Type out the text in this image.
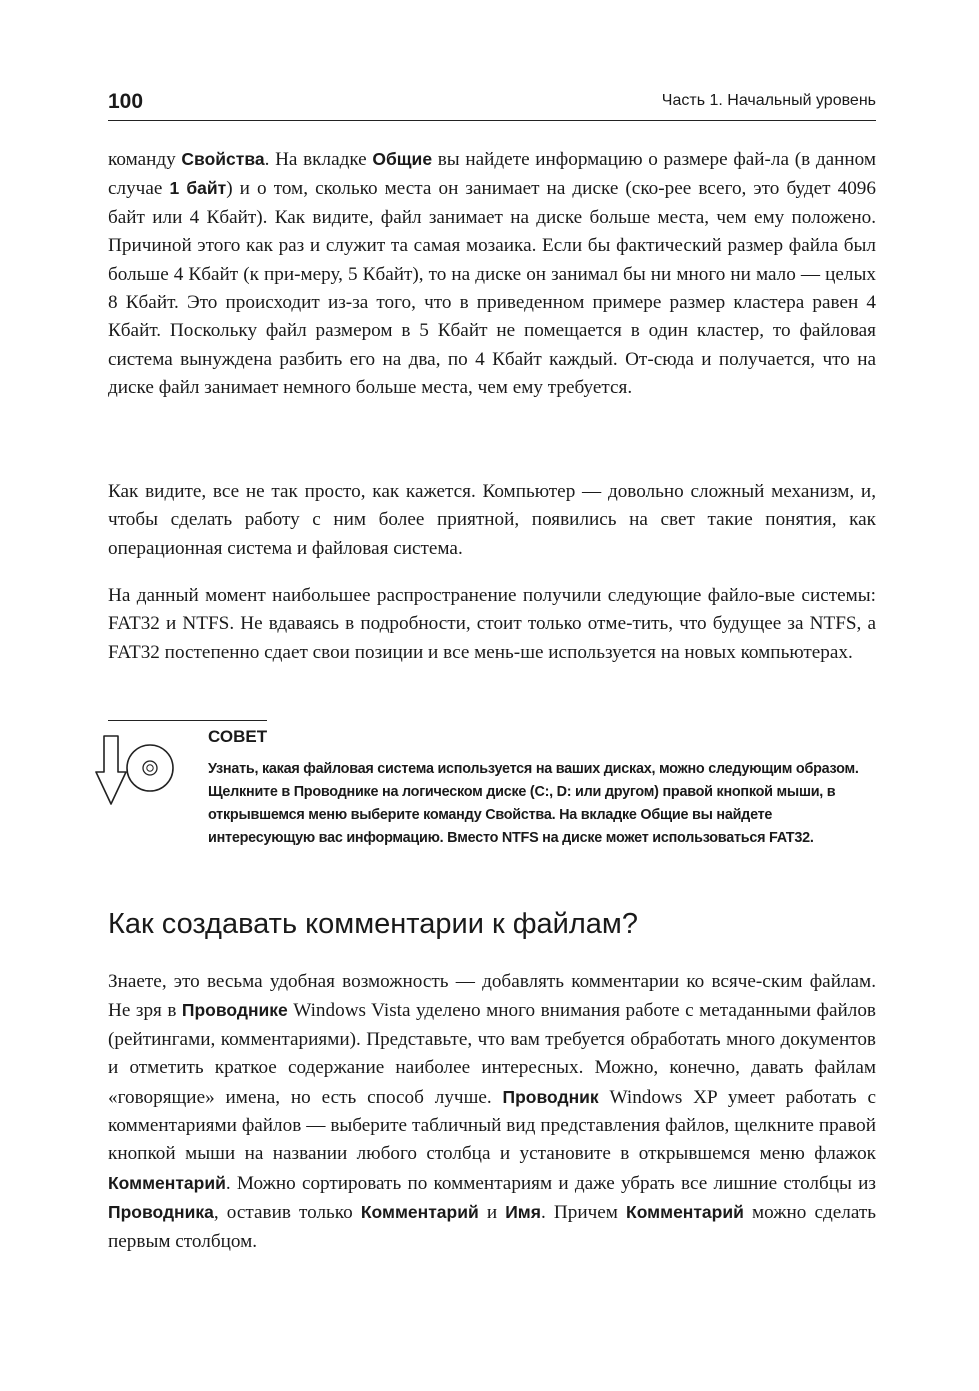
100	Часть 1. Начальный уровень

команду Свойства. На вкладке Общие вы найдете информацию о размере фай-ла (в данном случае 1 байт) и о том, сколько места он занимает на диске (ско-рее всего, это будет 4096 байт или 4 Кбайт). Как видите, файл занимает на диске больше места, чем ему положено. Причиной этого как раз и служит та самая мозаика. Если бы фактический размер файла был больше 4 Кбайт (к при-меру, 5 Кбайт), то на диске он занимал бы ни много ни мало — целых 8 Кбайт. Это происходит из-за того, что в приведенном примере размер кластера равен 4 Кбайт. Поскольку файл размером в 5 Кбайт не помещается в один кластер, то файловая система вынуждена разбить его на два, по 4 Кбайт каждый. От-сюда и получается, что на диске файл занимает немного больше места, чем ему требуется.

Как видите, все не так просто, как кажется. Компьютер — довольно сложный механизм, и, чтобы сделать работу с ним более приятной, появились на свет такие понятия, как операционная система и файловая система.

На данный момент наибольшее распространение получили следующие файло-вые системы: FAT32 и NTFS. Не вдаваясь в подробности, стоит только отме-тить, что будущее за NTFS, а FAT32 постепенно сдает свои позиции и все мень-ше используется на новых компьютерах.

СОВЕТ

Узнать, какая файловая система используется на ваших дисках, можно следующим образом. Щелкните в Проводнике на логическом диске (C:, D: или другом) правой кнопкой мыши, в открывшемся меню выберите команду Свойства. На вкладке Общие вы найдете интересующую вас информацию. Вместо NTFS на диске может использоваться FAT32.

Как создавать комментарии к файлам?

Знаете, это весьма удобная возможность — добавлять комментарии ко всяче-ским файлам. Не зря в Проводнике Windows Vista уделено много внимания работе с метаданными файлов (рейтингами, комментариями). Представьте, что вам требуется обработать много документов и отметить краткое содержание наиболее интересных. Можно, конечно, давать файлам «говорящие» имена, но есть способ лучше. Проводник Windows XP умеет работать с комментариями файлов — выберите табличный вид представления файлов, щелкните правой кнопкой мыши на названии любого столбца и установите в открывшемся меню флажок Комментарий. Можно сортировать по комментариям и даже убрать все лишние столбцы из Проводника, оставив только Комментарий и Имя. Причем Комментарий можно сделать первым столбцом.
